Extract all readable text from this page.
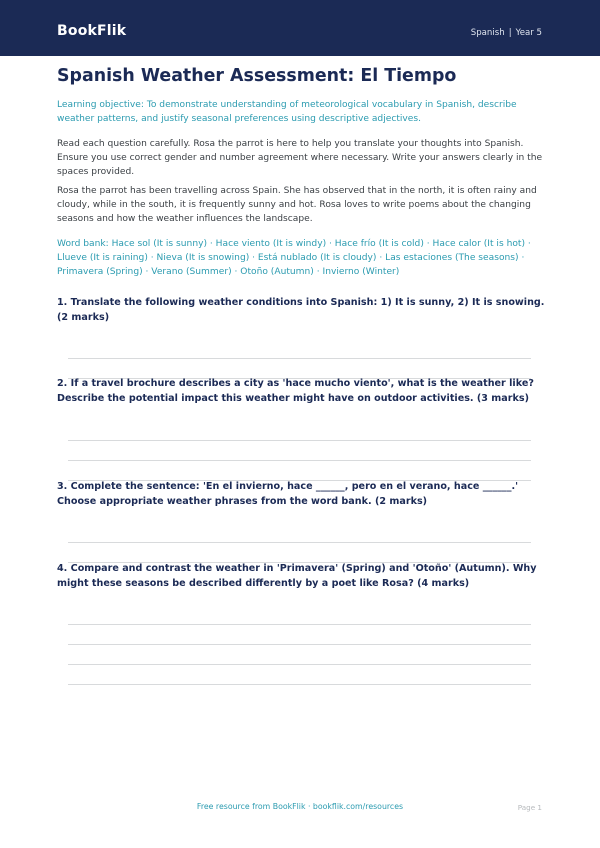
BookFlik	Spanish | Year 5
Spanish Weather Assessment: El Tiempo

Learning objective: To demonstrate understanding of meteorological vocabulary in Spanish, describe weather patterns, and justify seasonal preferences using descriptive adjectives.

Read each question carefully. Rosa the parrot is here to help you translate your thoughts into Spanish. Ensure you use correct gender and number agreement where necessary. Write your answers clearly in the spaces provided.

Rosa the parrot has been travelling across Spain. She has observed that in the north, it is often rainy and cloudy, while in the south, it is frequently sunny and hot. Rosa loves to write poems about the changing seasons and how the weather influences the landscape.

Word bank: Hace sol (It is sunny) · Hace viento (It is windy) · Hace frío (It is cold) · Hace calor (It is hot) · Llueve (It is raining) · Nieva (It is snowing) · Está nublado (It is cloudy) · Las estaciones (The seasons) · Primavera (Spring) · Verano (Summer) · Otoño (Autumn) · Invierno (Winter)

1. Translate the following weather conditions into Spanish: 1) It is sunny, 2) It is snowing. (2 marks)

2. If a travel brochure describes a city as 'hace mucho viento', what is the weather like? Describe the potential impact this weather might have on outdoor activities. (3 marks)

3. Complete the sentence: 'En el invierno, hace ______, pero en el verano, hace ______.' Choose appropriate weather phrases from the word bank. (2 marks)

4. Compare and contrast the weather in 'Primavera' (Spring) and 'Otoño' (Autumn). Why might these seasons be described differently by a poet like Rosa? (4 marks)

Free resource from BookFlik · bookflik.com/resources	Page 1
